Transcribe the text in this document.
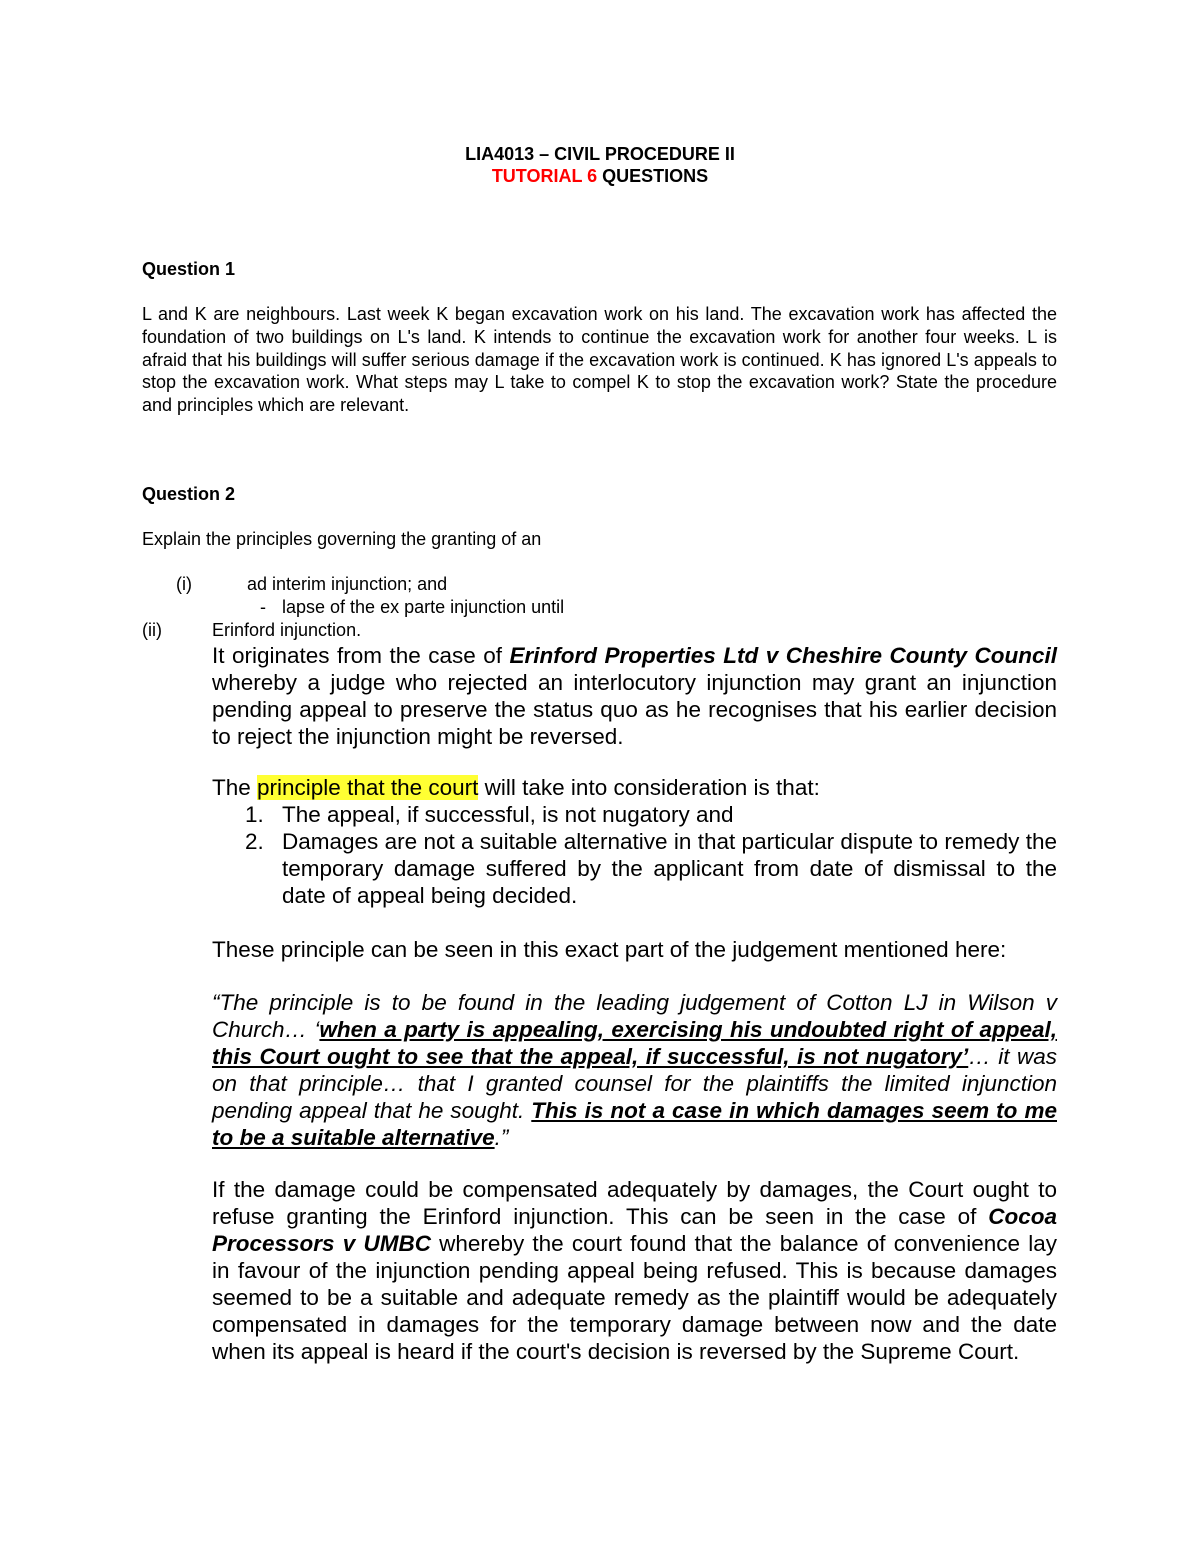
LIA4013 – CIVIL PROCEDURE II
TUTORIAL 6 QUESTIONS
Question 1
L and K are neighbours. Last week K began excavation work on his land. The excavation work has affected the foundation of two buildings on L's land. K intends to continue the excavation work for another four weeks. L is afraid that his buildings will suffer serious damage if the excavation work is continued. K has ignored L's appeals to stop the excavation work. What steps may L take to compel K to stop the excavation work? State the procedure and principles which are relevant.
Question 2
Explain the principles governing the granting of an
(i)	ad interim injunction; and
- lapse of the ex parte injunction until
(ii)	Erinford injunction.

It originates from the case of Erinford Properties Ltd v Cheshire County Council whereby a judge who rejected an interlocutory injunction may grant an injunction pending appeal to preserve the status quo as he recognises that his earlier decision to reject the injunction might be reversed.

The principle that the court will take into consideration is that:

1. The appeal, if successful, is not nugatory and
2. Damages are not a suitable alternative in that particular dispute to remedy the temporary damage suffered by the applicant from date of dismissal to the date of appeal being decided.
These principle can be seen in this exact part of the judgement mentioned here:

“The principle is to be found in the leading judgement of Cotton LJ in Wilson v Church… ‘when a party is appealing, exercising his undoubted right of appeal, this Court ought to see that the appeal, if successful, is not nugatory’… it was on that principle… that I granted counsel for the plaintiffs the limited injunction pending appeal that he sought. This is not a case in which damages seem to me to be a suitable alternative.”

If the damage could be compensated adequately by damages, the Court ought to refuse granting the Erinford injunction. This can be seen in the case of Cocoa Processors v UMBC whereby the court found that the balance of convenience lay in favour of the injunction pending appeal being refused. This is because damages seemed to be a suitable and adequate remedy as the plaintiff would be adequately compensated in damages for the temporary damage between now and the date when its appeal is heard if the court's decision is reversed by the Supreme Court.
